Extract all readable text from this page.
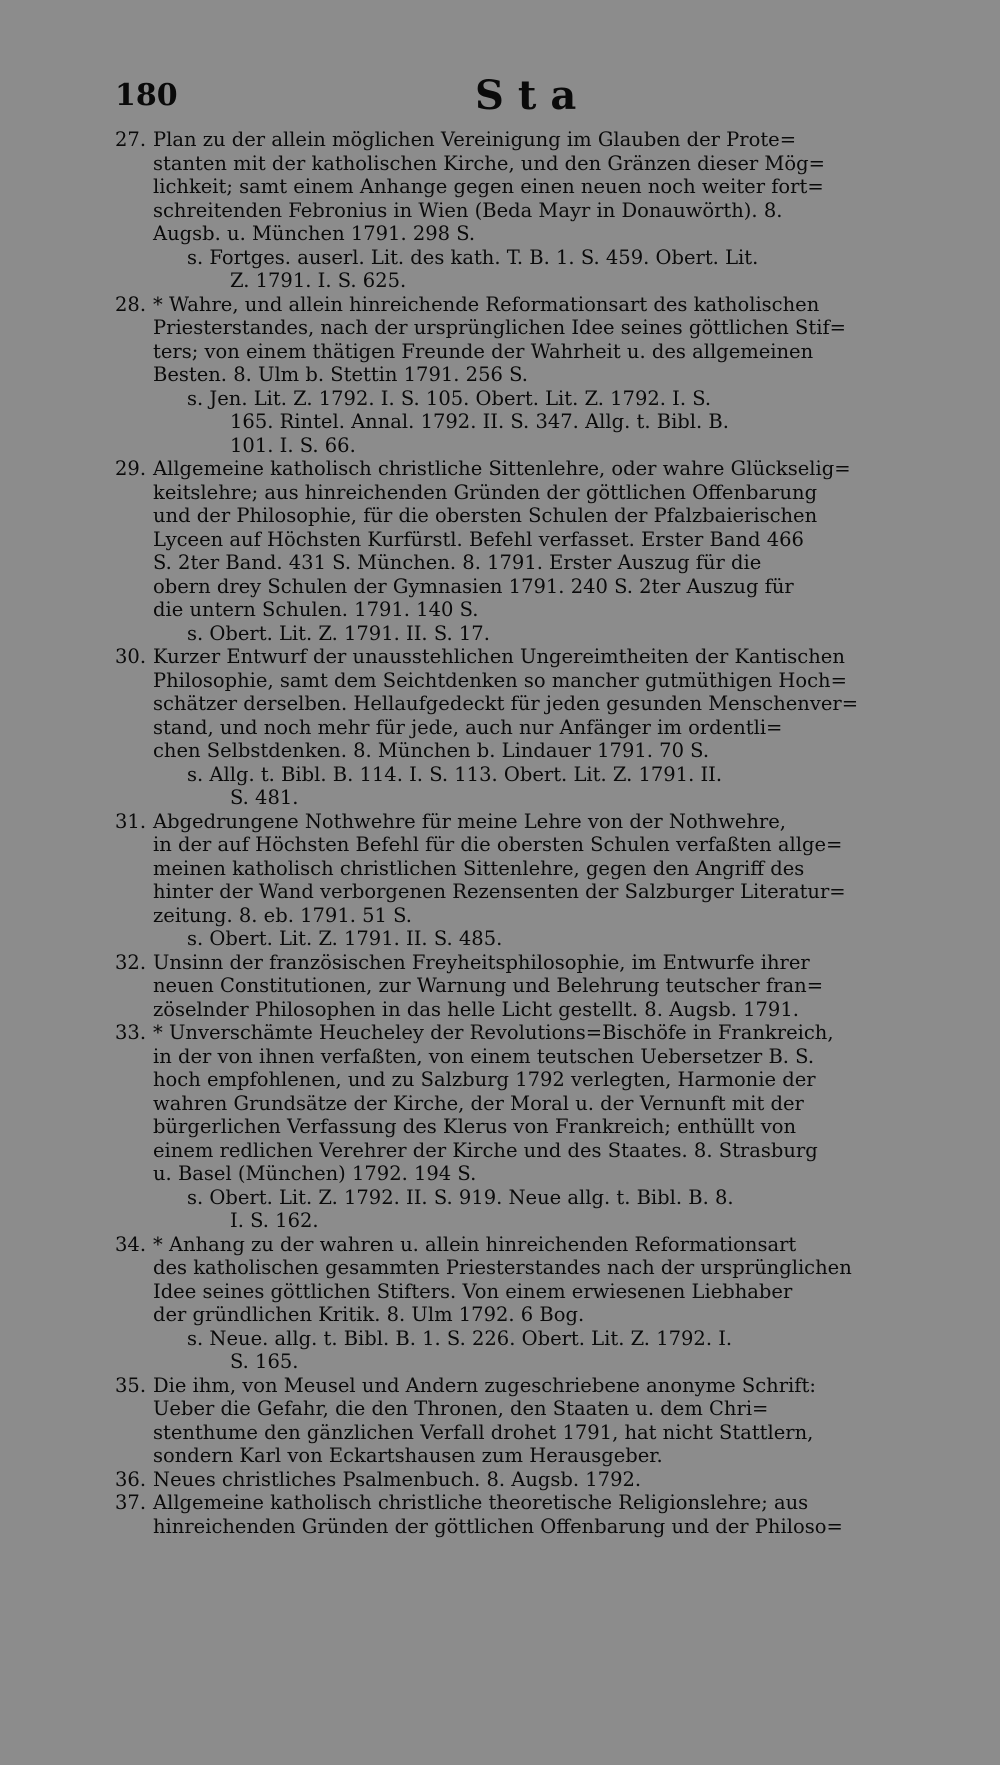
180	Sta
27. Plan zu der allein möglichen Vereinigung im Glauben der Prote=
stanten mit der katholischen Kirche, und den Gränzen dieser Mög=
lichkeit; samt einem Anhange gegen einen neuen noch weiter fort=
schreitenden Febronius in Wien (Beda Mayr in Donauwörth). 8.
Augsb. u. München 1791. 298 S.
s. Fortges. auserl. Lit. des kath. T. B. 1. S. 459. Obert. Lit.
Z. 1791. I. S. 625.
28. * Wahre, und allein hinreichende Reformationsart des katholischen
Priesterstandes, nach der ursprünglichen Idee seines göttlichen Stif=
ters; von einem thätigen Freunde der Wahrheit u. des allgemeinen
Besten. 8. Ulm b. Stettin 1791. 256 S.
s. Jen. Lit. Z. 1792. I. S. 105. Obert. Lit. Z. 1792. I. S.
165. Rintel. Annal. 1792. II. S. 347. Allg. t. Bibl. B.
101. I. S. 66.
29. Allgemeine katholisch christliche Sittenlehre, oder wahre Glückselig=
keitslehre; aus hinreichenden Gründen der göttlichen Offenbarung
und der Philosophie, für die obersten Schulen der Pfalzbaierischen
Lyceen auf Höchsten Kurfürstl. Befehl verfasset. Erster Band 466
S. 2ter Band. 431 S. München. 8. 1791. Erster Auszug für die
obern drey Schulen der Gymnasien 1791. 240 S. 2ter Auszug für
die untern Schulen. 1791. 140 S.
s. Obert. Lit. Z. 1791. II. S. 17.
30. Kurzer Entwurf der unausstehlichen Ungereimtheiten der Kantischen
Philosophie, samt dem Seichtdenken so mancher gutmüthigen Hoch=
schätzer derselben. Hellaufgedeckt für jeden gesunden Menschenver=
stand, und noch mehr für jede, auch nur Anfänger im ordentli=
chen Selbstdenken. 8. München b. Lindauer 1791. 70 S.
s. Allg. t. Bibl. B. 114. I. S. 113. Obert. Lit. Z. 1791. II.
S. 481.
31. Abgedrungene Nothwehre für meine Lehre von der Nothwehre,
in der auf Höchsten Befehl für die obersten Schulen verfaßten allge=
meinen katholisch christlichen Sittenlehre, gegen den Angriff des
hinter der Wand verborgenen Rezensenten der Salzburger Literatur=
zeitung. 8. eb. 1791. 51 S.
s. Obert. Lit. Z. 1791. II. S. 485.
32. Unsinn der französischen Freyheitsphilosophie, im Entwurfe ihrer
neuen Constitutionen, zur Warnung und Belehrung teutscher fran=
zöselnder Philosophen in das helle Licht gestellt. 8. Augsb. 1791.
33. * Unverschämte Heucheley der Revolutions=Bischöfe in Frankreich,
in der von ihnen verfaßten, von einem teutschen Uebersetzer B. S.
hoch empfohlenen, und zu Salzburg 1792 verlegten, Harmonie der
wahren Grundsätze der Kirche, der Moral u. der Vernunft mit der
bürgerlichen Verfassung des Klerus von Frankreich; enthüllt von
einem redlichen Verehrer der Kirche und des Staates. 8. Strasburg
u. Basel (München) 1792. 194 S.
s. Obert. Lit. Z. 1792. II. S. 919. Neue allg. t. Bibl. B. 8.
I. S. 162.
34. * Anhang zu der wahren u. allein hinreichenden Reformationsart
des katholischen gesammten Priesterstandes nach der ursprünglichen
Idee seines göttlichen Stifters. Von einem erwiesenen Liebhaber
der gründlichen Kritik. 8. Ulm 1792. 6 Bog.
s. Neue. allg. t. Bibl. B. 1. S. 226. Obert. Lit. Z. 1792. I.
S. 165.
35. Die ihm, von Meusel und Andern zugeschriebene anonyme Schrift:
Ueber die Gefahr, die den Thronen, den Staaten u. dem Chri=
stenthume den gänzlichen Verfall drohet 1791, hat nicht Stattlern,
sondern Karl von Eckartshausen zum Herausgeber.
36. Neues christliches Psalmenbuch. 8. Augsb. 1792.
37. Allgemeine katholisch christliche theoretische Religionslehre; aus
hinreichenden Gründen der göttlichen Offenbarung und der Philoso=
